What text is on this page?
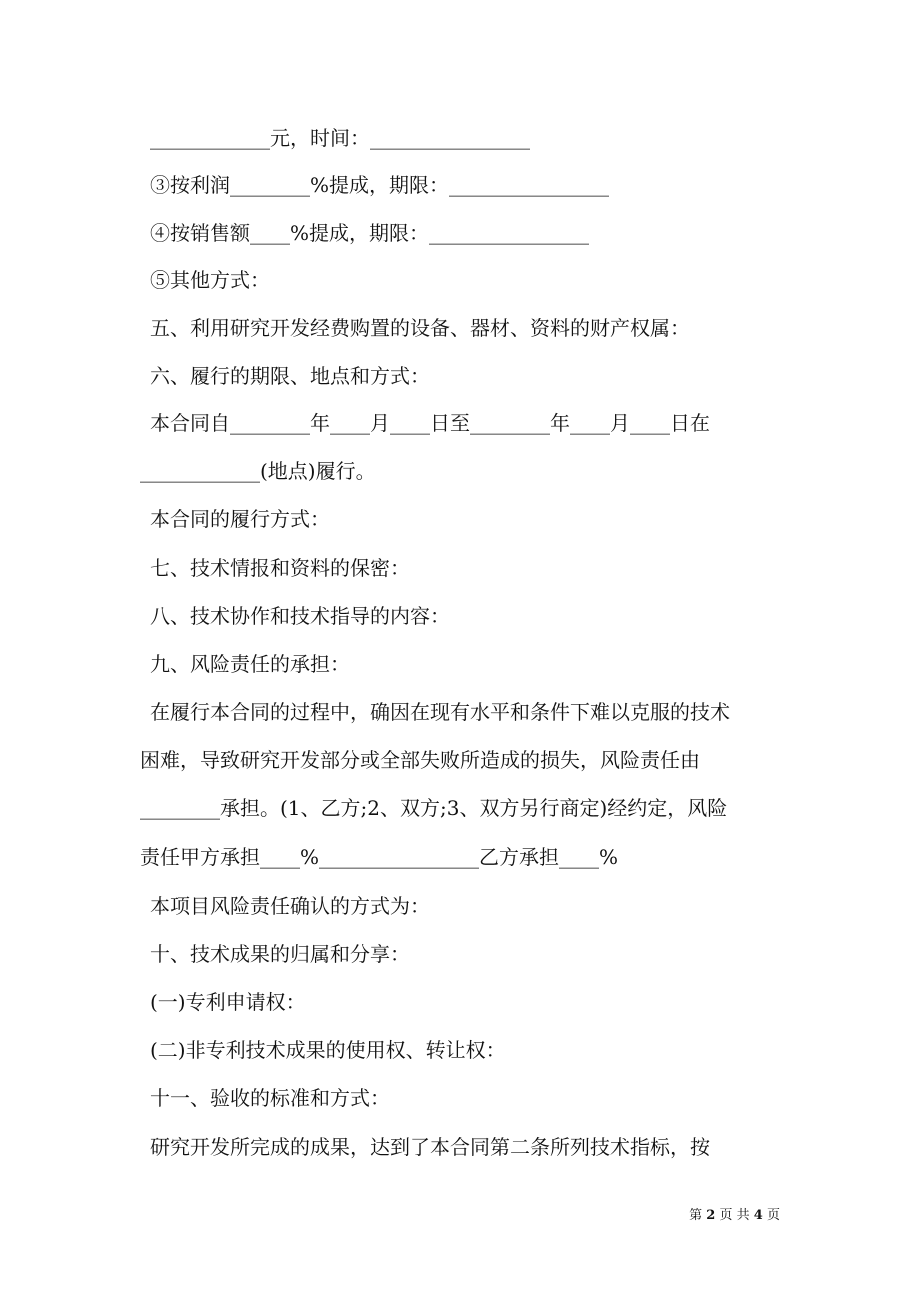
____________元，时间：________________
③按利润________%提成，期限：________________
④按销售额____%提成，期限：________________
⑤其他方式：
五、利用研究开发经费购置的设备、器材、资料的财产权属：
六、履行的期限、地点和方式：
本合同自________年____月____日至________年____月____日在
____________(地点)履行。
本合同的履行方式：
七、技术情报和资料的保密：
八、技术协作和技术指导的内容：
九、风险责任的承担：
在履行本合同的过程中，确因在现有水平和条件下难以克服的技术
困难，导致研究开发部分或全部失败所造成的损失，风险责任由
________承担。(1、乙方;2、双方;3、双方另行商定)经约定，风险
责任甲方承担____%________________乙方承担____%
本项目风险责任确认的方式为：
十、技术成果的归属和分享：
(一)专利申请权：
(二)非专利技术成果的使用权、转让权：
十一、验收的标准和方式：
研究开发所完成的成果，达到了本合同第二条所列技术指标，按
第 2 页 共 4 页
